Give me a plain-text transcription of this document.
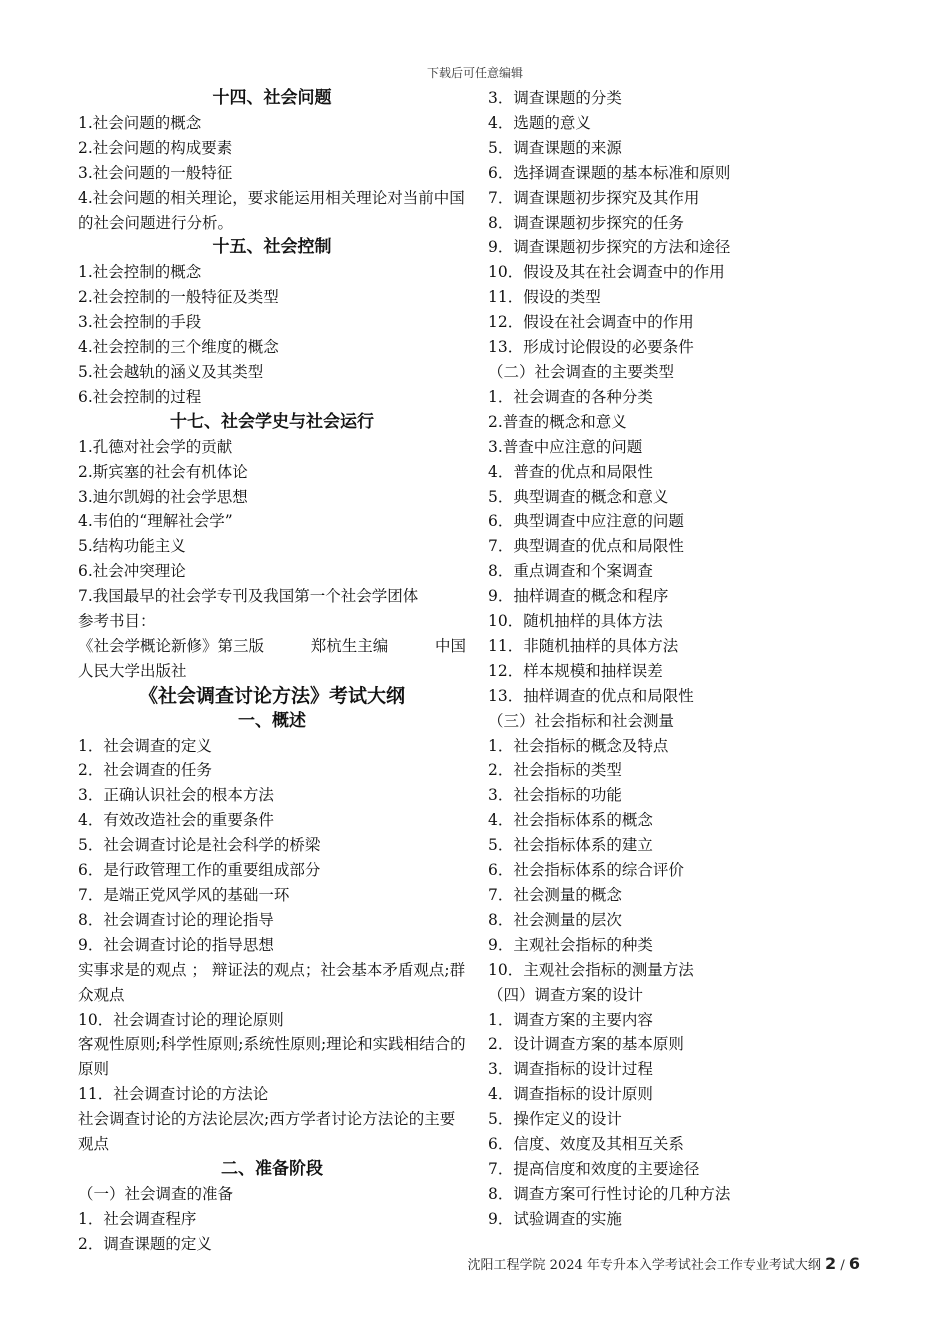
下载后可任意编辑
十四、社会问题
1.社会问题的概念
2.社会问题的构成要素
3.社会问题的一般特征
4.社会问题的相关理论，要求能运用相关理论对当前中国的社会问题进行分析。
十五、社会控制
1.社会控制的概念
2.社会控制的一般特征及类型
3.社会控制的手段
4.社会控制的三个维度的概念
5.社会越轨的涵义及其类型
6.社会控制的过程
十七、社会学史与社会运行
1.孔德对社会学的贡献
2.斯宾塞的社会有机体论
3.迪尔凯姆的社会学思想
4.韦伯的“理解社会学”
5.结构功能主义
6.社会冲突理论
7.我国最早的社会学专刊及我国第一个社会学团体
参考书目：
《社会学概论新修》第三版	郑杭生主编	中国
人民大学出版社
《社会调查讨论方法》考试大纲
一、概述
1．社会调查的定义
2．社会调查的任务
3．正确认识社会的根本方法
4．有效改造社会的重要条件
5．社会调查讨论是社会科学的桥梁
6．是行政管理工作的重要组成部分
7．是端正党风学风的基础一环
8．社会调查讨论的理论指导
9．社会调查讨论的指导思想
实事求是的观点 ； 辩证法的观点；社会基本矛盾观点;群众观点
10．社会调查讨论的理论原则
客观性原则;科学性原则;系统性原则;理论和实践相结合的原则
11．社会调查讨论的方法论
社会调查讨论的方法论层次;西方学者讨论方法论的主要观点
二、准备阶段
（一）社会调查的准备
1．社会调查程序
2．调查课题的定义
3．调查课题的分类
4．选题的意义
5．调查课题的来源
6．选择调查课题的基本标准和原则
7．调查课题初步探究及其作用
8．调查课题初步探究的任务
9．调查课题初步探究的方法和途径
10．假设及其在社会调查中的作用
11．假设的类型
12．假设在社会调查中的作用
13．形成讨论假设的必要条件
（二）社会调查的主要类型
1．社会调查的各种分类
2.普查的概念和意义
3.普查中应注意的问题
4．普查的优点和局限性
5．典型调查的概念和意义
6．典型调查中应注意的问题
7．典型调查的优点和局限性
8．重点调查和个案调查
9．抽样调查的概念和程序
10．随机抽样的具体方法
11．非随机抽样的具体方法
12．样本规模和抽样误差
13．抽样调查的优点和局限性
（三）社会指标和社会测量
1．社会指标的概念及特点
2．社会指标的类型
3．社会指标的功能
4．社会指标体系的概念
5．社会指标体系的建立
6．社会指标体系的综合评价
7．社会测量的概念
8．社会测量的层次
9．主观社会指标的种类
10．主观社会指标的测量方法
（四）调查方案的设计
1．调查方案的主要内容
2．设计调查方案的基本原则
3．调查指标的设计过程
4．调查指标的设计原则
5．操作定义的设计
6．信度、效度及其相互关系
7．提高信度和效度的主要途径
8．调查方案可行性讨论的几种方法
9．试验调查的实施
沈阳工程学院 2024 年专升本入学考试社会工作专业考试大纲 2 / 6
